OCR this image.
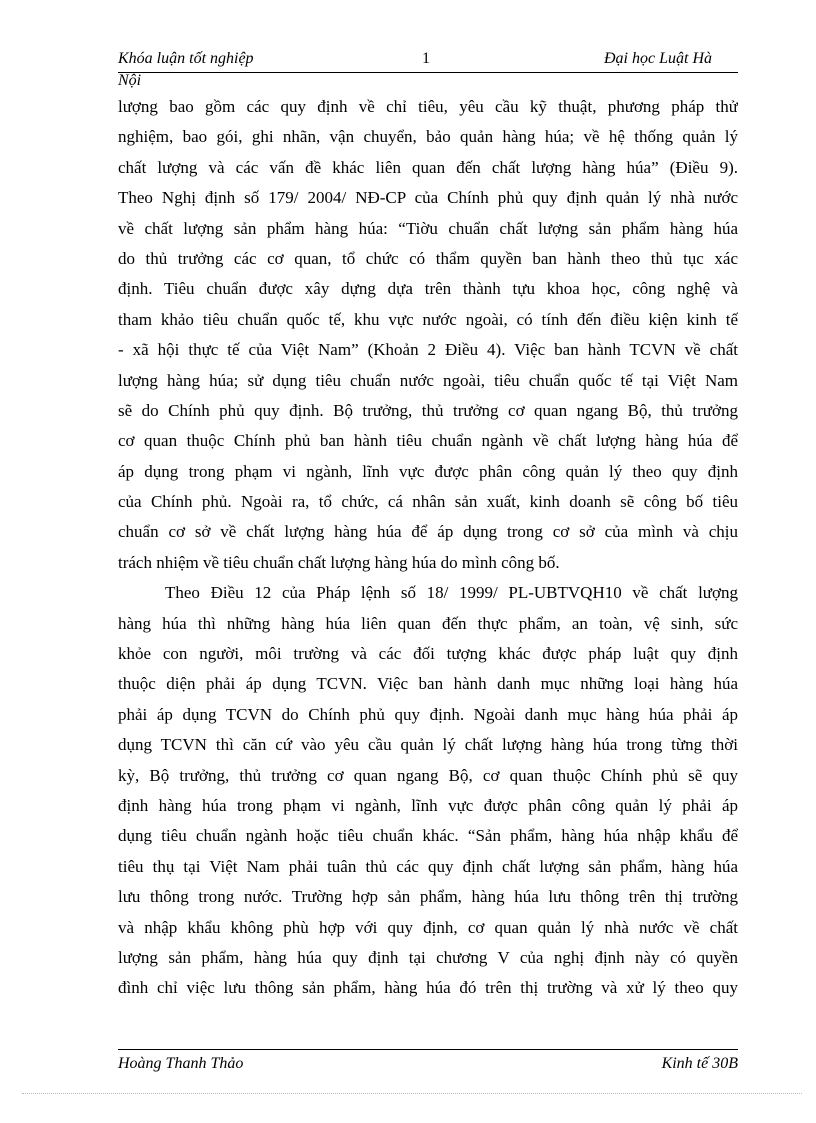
Khóa luận tốt nghiệp	1	Đại học Luật Hà
Nội
lượng bao gồm các quy định về chỉ tiêu, yêu cầu kỹ thuật, phương pháp thử
nghiệm, bao gói, ghi nhãn, vận chuyển, bảo quản hàng húa; về hệ thống quản lý
chất lượng và các vấn đề khác liên quan đến chất lượng hàng húa” (Điều 9).
Theo Nghị định số 179/ 2004/ NĐ-CP của Chính phủ quy định quản lý nhà nước
về chất lượng sản phẩm hàng húa: “Tiờu chuẩn chất lượng sản phẩm hàng húa
do thủ trưởng các cơ quan, tổ chức có thẩm quyền ban hành theo thủ tục xác
định. Tiêu chuẩn được xây dựng dựa trên thành tựu khoa học, công nghệ và
tham khảo tiêu chuẩn quốc tế, khu vực nước ngoài, có tính đến điều kiện kinh tế
- xã hội thực tế của Việt Nam” (Khoản 2 Điều 4). Việc ban hành TCVN về chất
lượng hàng húa; sử dụng tiêu chuẩn nước ngoài, tiêu chuẩn quốc tế tại Việt Nam
sẽ do Chính phủ quy định. Bộ trưởng, thủ trưởng cơ quan ngang Bộ, thủ trưởng
cơ quan thuộc Chính phủ ban hành tiêu chuẩn ngành về chất lượng hàng húa để
áp dụng trong phạm vi ngành, lĩnh vực được phân công quản lý theo quy định
của Chính phủ. Ngoài ra, tổ chức, cá nhân sản xuất, kinh doanh sẽ công bố tiêu
chuẩn cơ sở về chất lượng hàng húa để áp dụng trong cơ sở của mình và chịu
trách nhiệm về tiêu chuẩn chất lượng hàng húa do mình công bố.
Theo Điều 12 của Pháp lệnh số 18/ 1999/ PL-UBTVQH10 về chất lượng
hàng húa thì những hàng húa liên quan đến thực phẩm, an toàn, vệ sinh, sức
khỏe con người, môi trường và các đối tượng khác được pháp luật quy định
thuộc diện phải áp dụng TCVN. Việc ban hành danh mục những loại hàng húa
phải áp dụng TCVN do Chính phủ quy định. Ngoài danh mục hàng húa phải áp
dụng TCVN thì căn cứ vào yêu cầu quản lý chất lượng hàng húa trong từng thời
kỳ, Bộ trưởng, thủ trưởng cơ quan ngang Bộ, cơ quan thuộc Chính phủ sẽ quy
định hàng húa trong phạm vi ngành, lĩnh vực được phân công quản lý phải áp
dụng tiêu chuẩn ngành hoặc tiêu chuẩn khác. “Sản phẩm, hàng húa nhập khẩu để
tiêu thụ tại Việt Nam phải tuân thủ các quy định chất lượng sản phẩm, hàng húa
lưu thông trong nước. Trường hợp sản phẩm, hàng húa lưu thông trên thị trường
và nhập khẩu không phù hợp với quy định, cơ quan quản lý nhà nước về chất
lượng sản phẩm, hàng húa quy định tại chương V của nghị định này có quyền
đình chỉ việc lưu thông sản phẩm, hàng húa đó trên thị trường và xử lý theo quy
Hoàng Thanh Thảo	Kinh tế 30B
